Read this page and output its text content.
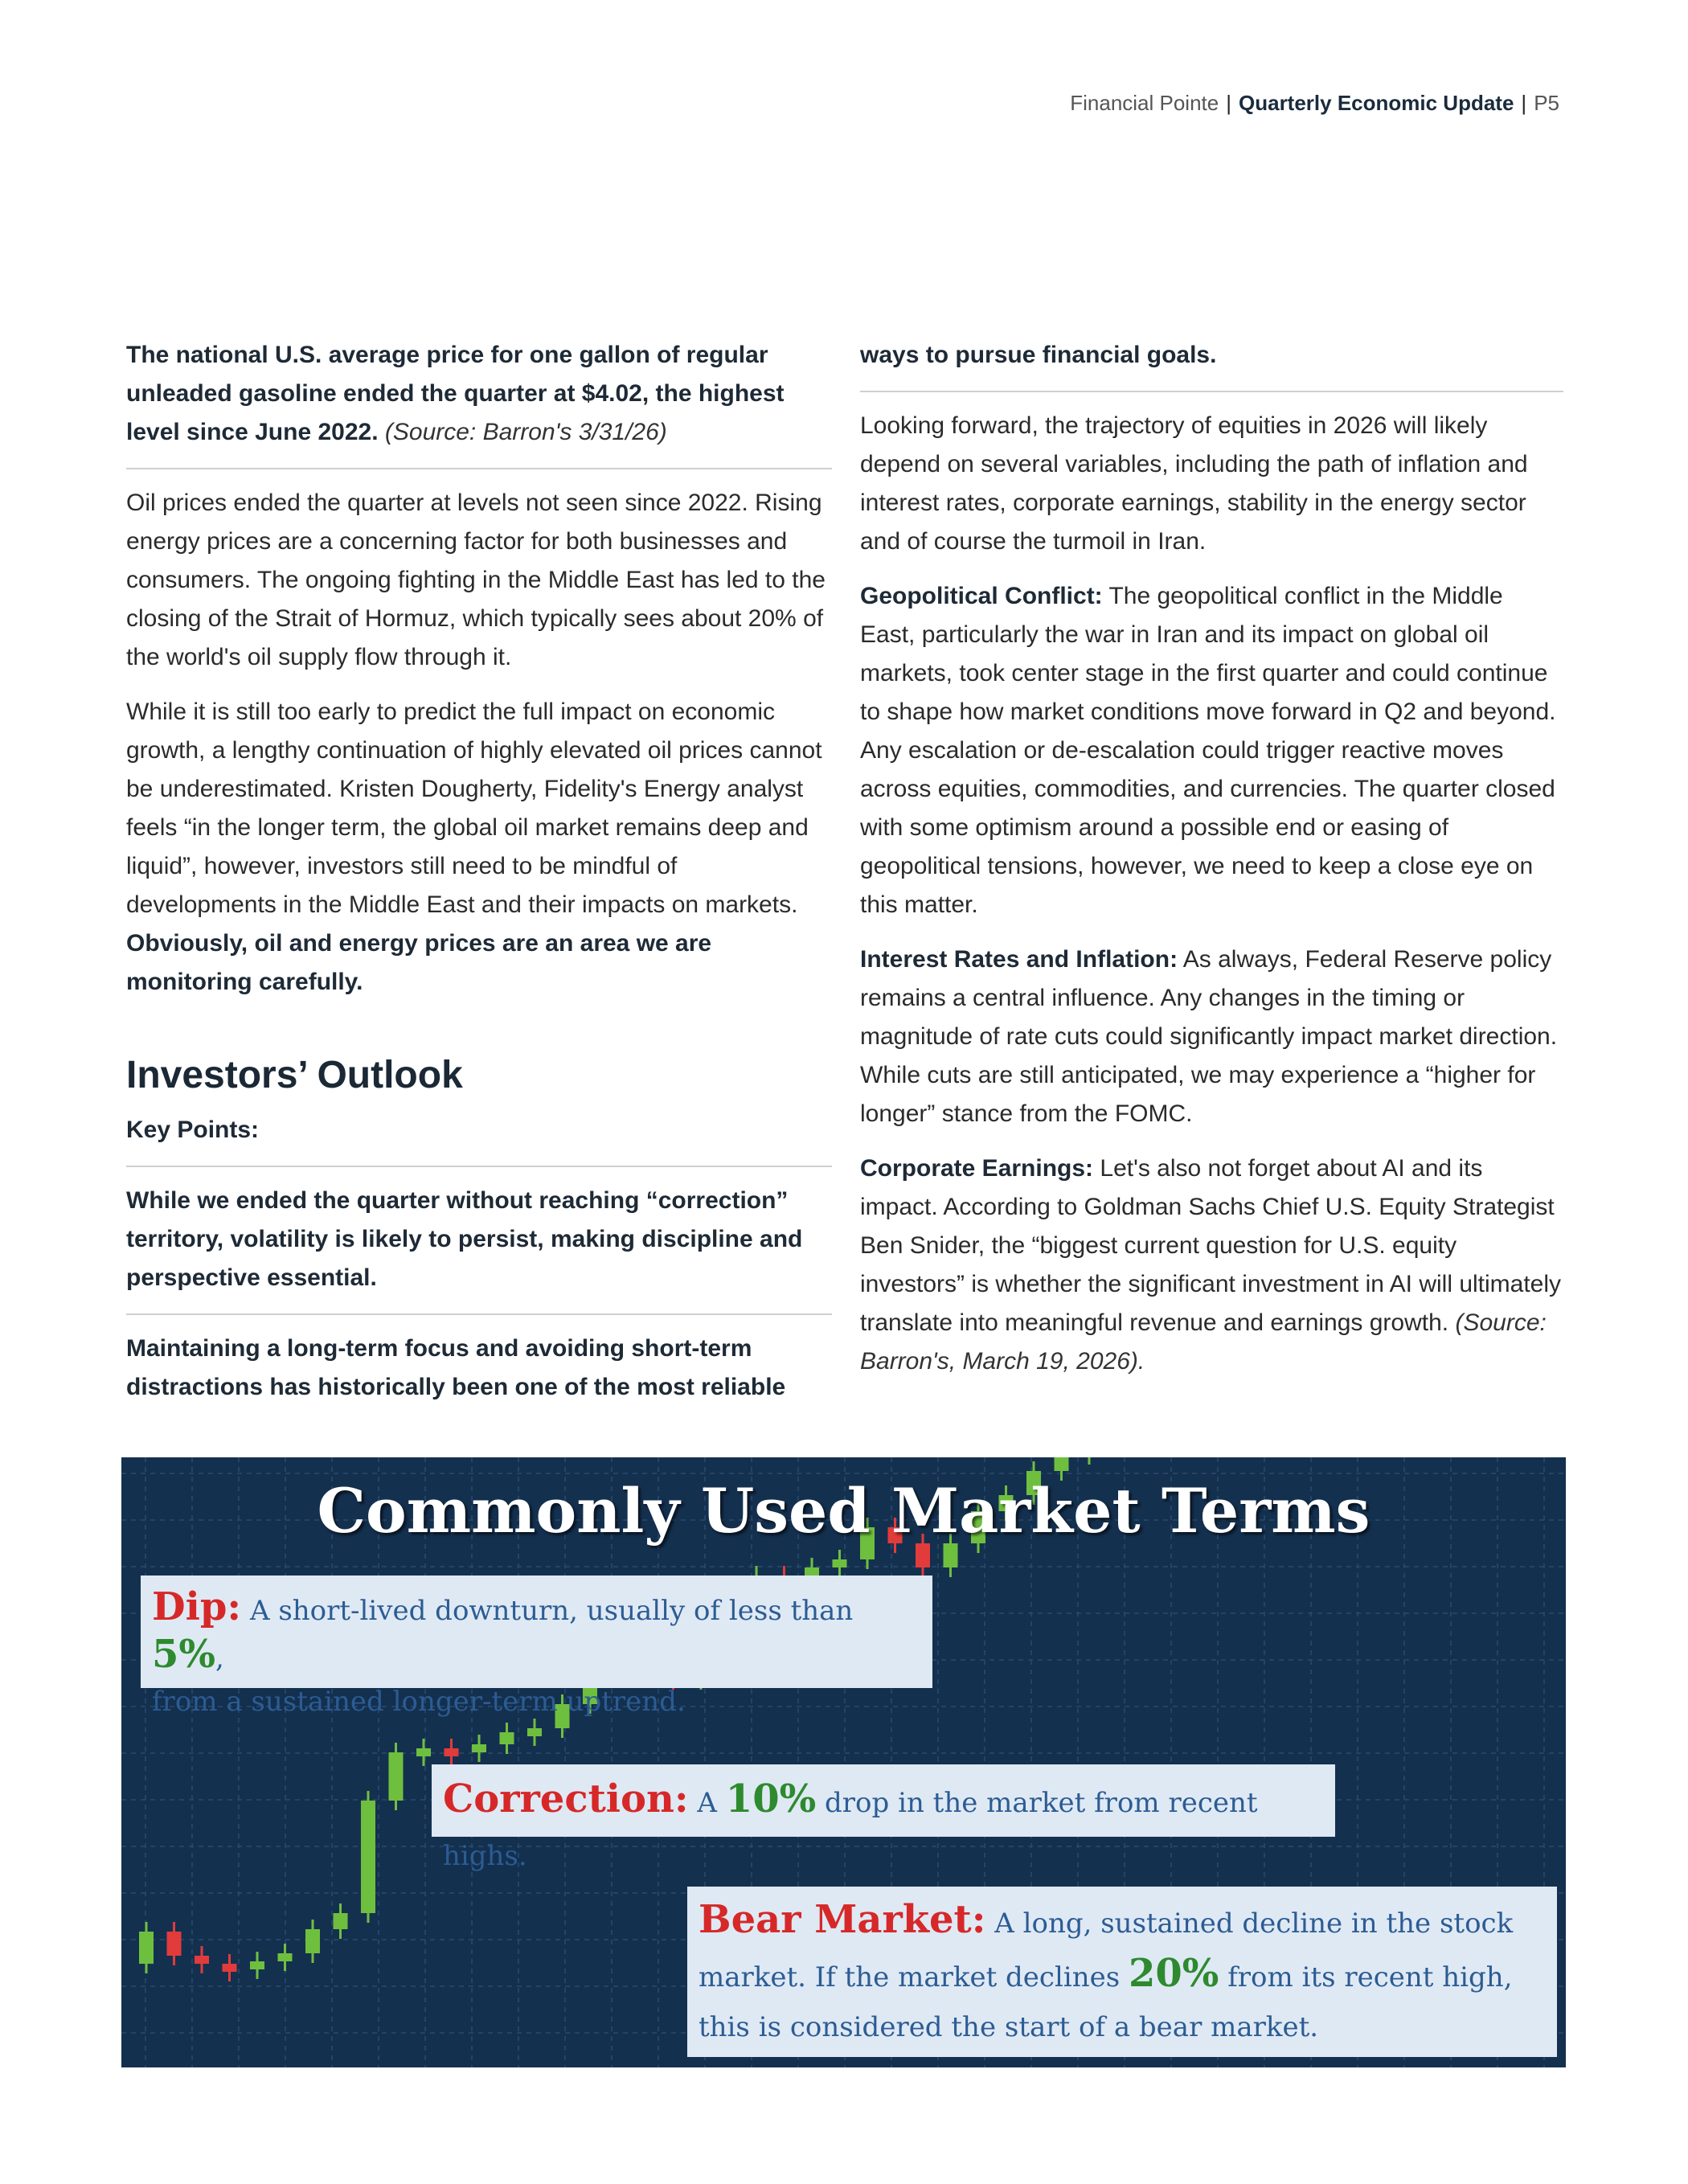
Financial Pointe | Quarterly Economic Update | P5

The national U.S. average price for one gallon of regular unleaded gasoline ended the quarter at $4.02, the highest level since June 2022. (Source: Barron's 3/31/26)

Oil prices ended the quarter at levels not seen since 2022. Rising energy prices are a concerning factor for both businesses and consumers. The ongoing fighting in the Middle East has led to the closing of the Strait of Hormuz, which typically sees about 20% of the world's oil supply flow through it.

While it is still too early to predict the full impact on economic growth, a lengthy continuation of highly elevated oil prices cannot be underestimated. Kristen Dougherty, Fidelity's Energy analyst feels “in the longer term, the global oil market remains deep and liquid”, however, investors still need to be mindful of developments in the Middle East and their impacts on markets. Obviously, oil and energy prices are an area we are monitoring carefully.

Investors’ Outlook

Key Points:

While we ended the quarter without reaching “correction” territory, volatility is likely to persist, making discipline and perspective essential.

Maintaining a long-term focus and avoiding short-term distractions has historically been one of the most reliable

ways to pursue financial goals.

Looking forward, the trajectory of equities in 2026 will likely depend on several variables, including the path of inflation and interest rates, corporate earnings, stability in the energy sector and of course the turmoil in Iran.

Geopolitical Conflict: The geopolitical conflict in the Middle East, particularly the war in Iran and its impact on global oil markets, took center stage in the first quarter and could continue to shape how market conditions move forward in Q2 and beyond. Any escalation or de-escalation could trigger reactive moves across equities, commodities, and currencies. The quarter closed with some optimism around a possible end or easing of geopolitical tensions, however, we need to keep a close eye on this matter.

Interest Rates and Inflation: As always, Federal Reserve policy remains a central influence. Any changes in the timing or magnitude of rate cuts could significantly impact market direction. While cuts are still anticipated, we may experience a “higher for longer” stance from the FOMC.

Corporate Earnings: Let's also not forget about AI and its impact. According to Goldman Sachs Chief U.S. Equity Strategist Ben Snider, the “biggest current question for U.S. equity investors” is whether the significant investment in AI will ultimately translate into meaningful revenue and earnings growth. (Source: Barron's, March 19, 2026).

Commonly Used Market Terms
Dip: A short-lived downturn, usually of less than 5%,
from a sustained longer-term uptrend.
Correction: A 10% drop in the market from recent highs.
Bear Market: A long, sustained decline in the stock market. If the market declines 20% from its recent high, this is considered the start of a bear market.
